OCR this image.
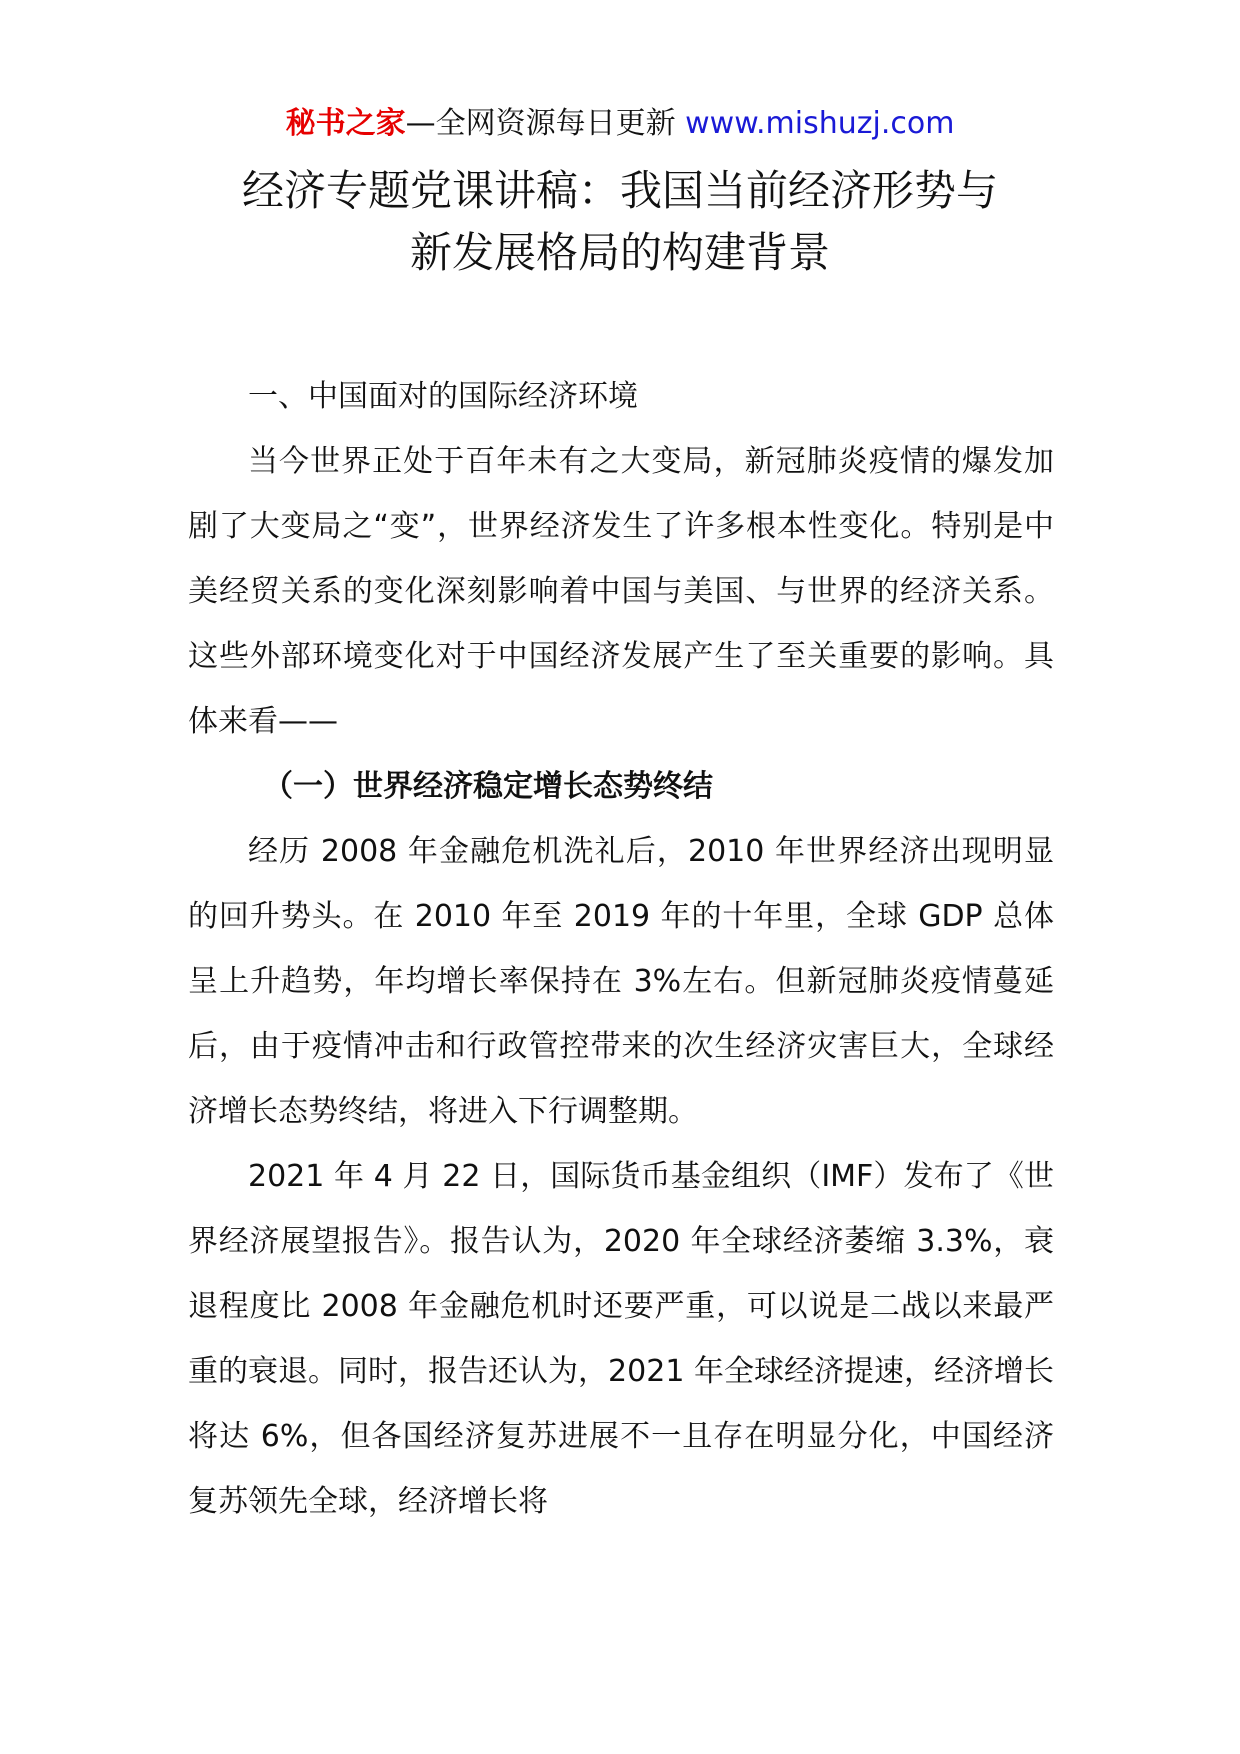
秘书之家—全网资源每日更新 www.mishuzj.com
经济专题党课讲稿：我国当前经济形势与
新发展格局的构建背景

一、中国面对的国际经济环境

当今世界正处于百年未有之大变局，新冠肺炎疫情的爆发加剧了大变局之“变”，世界经济发生了许多根本性变化。特别是中美经贸关系的变化深刻影响着中国与美国、与世界的经济关系。这些外部环境变化对于中国经济发展产生了至关重要的影响。具体来看——

（一）世界经济稳定增长态势终结

经历 2008 年金融危机洗礼后，2010 年世界经济出现明显的回升势头。在 2010 年至 2019 年的十年里，全球 GDP 总体呈上升趋势，年均增长率保持在 3%左右。但新冠肺炎疫情蔓延后，由于疫情冲击和行政管控带来的次生经济灾害巨大，全球经济增长态势终结，将进入下行调整期。

2021 年 4 月 22 日，国际货币基金组织（IMF）发布了《世界经济展望报告》。报告认为，2020 年全球经济萎缩 3.3%，衰退程度比 2008 年金融危机时还要严重，可以说是二战以来最严重的衰退。同时，报告还认为，2021 年全球经济提速，经济增长将达 6%，但各国经济复苏进展不一且存在明显分化，中国经济复苏领先全球，经济增长将
